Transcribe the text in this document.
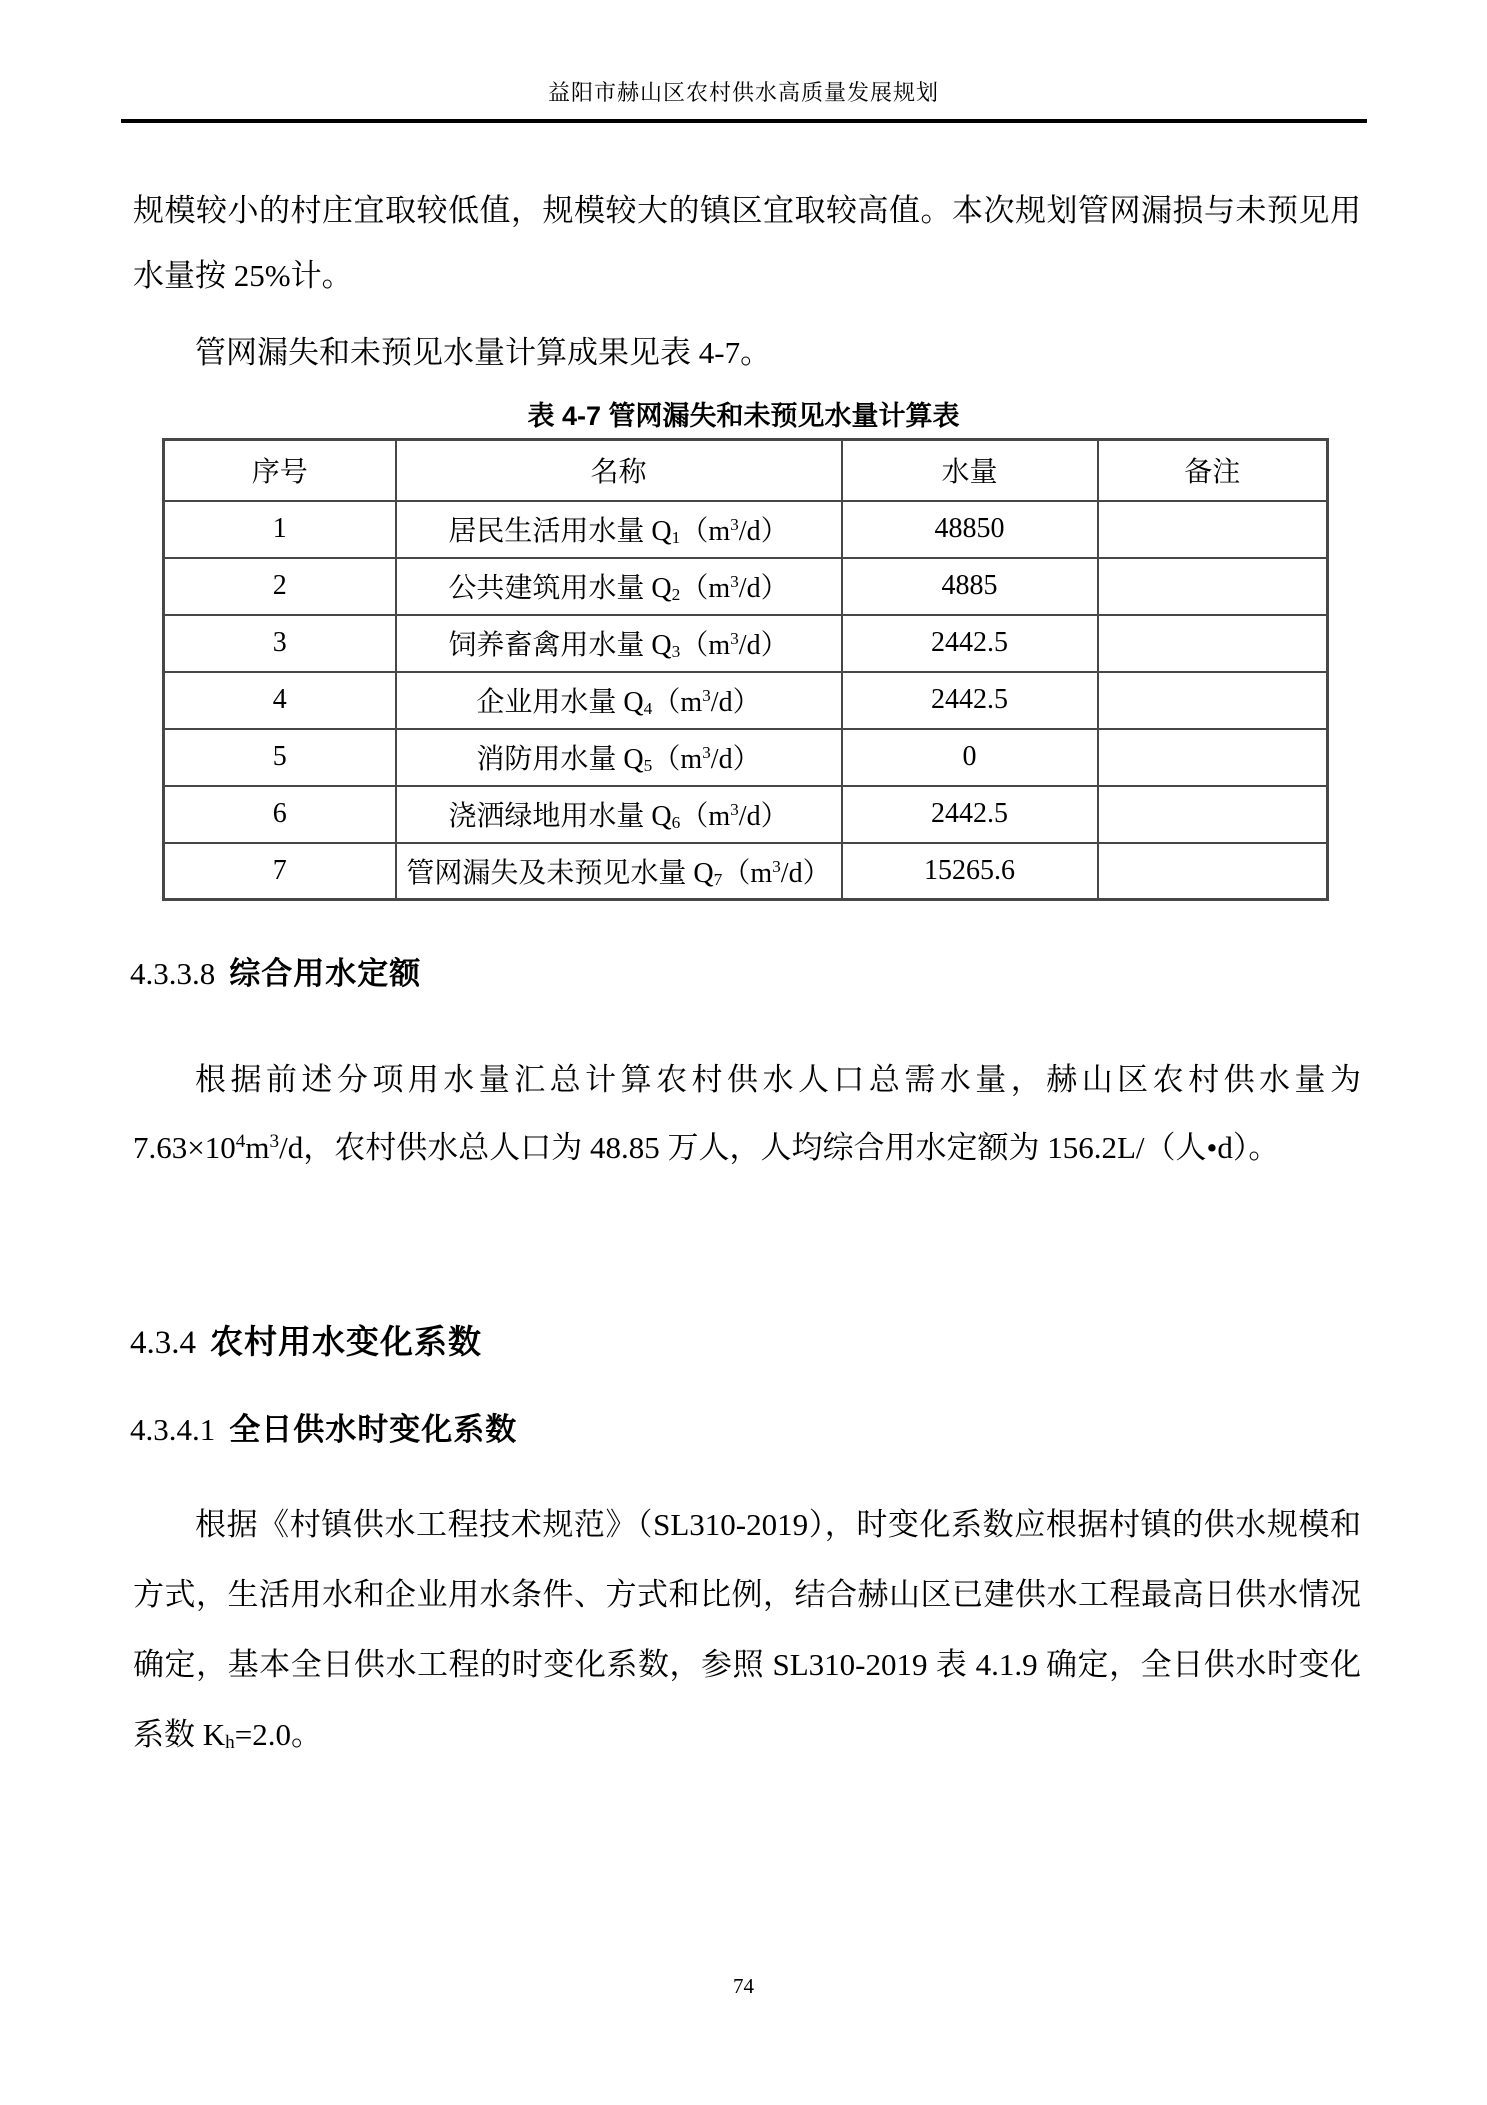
益阳市赫山区农村供水高质量发展规划

规模较小的村庄宜取较低值，规模较大的镇区宜取较高值。本次规划管网漏损与未预见用水量按 25%计。

管网漏失和未预见水量计算成果见表 4-7。

表 4-7 管网漏失和未预见水量计算表
序号	名称	水量	备注
1	居民生活用水量 $Q_1(m^3/d)$	48850	
2	公共建筑用水量 $Q_2(m^3/d)$	4885	
3	饲养畜禽用水量 $Q_3(m^3/d)$	2442.5	
4	企业用水量 $Q_4(m^3/d)$	2442.5	
5	消防用水量 $Q_5(m^3/d)$	0	
6	浇洒绿地用水量 $Q_6(m^3/d)$	2442.5	
7	管网漏失及未预见水量 $Q_7(m^3/d)$	15265.6	
4.3.3.8 综合用水定额

根据前述分项用水量汇总计算农村供水人口总需水量，赫山区农村供水量为 $7.63\times 10^4m^3/d$，农村供水总人口为 48.85 万人，人均综合用水定额为 156.2L/（人•d）。

4.3.4 农村用水变化系数
4.3.4.1 全日供水时变化系数

根据《村镇供水工程技术规范》（SL310-2019），时变化系数应根据村镇的供水规模和方式，生活用水和企业用水条件、方式和比例，结合赫山区已建供水工程最高日供水情况确定，基本全日供水工程的时变化系数，参照 SL310-2019 表 4.1.9 确定，全日供水时变化系数 $K_h=2.0$。

74
